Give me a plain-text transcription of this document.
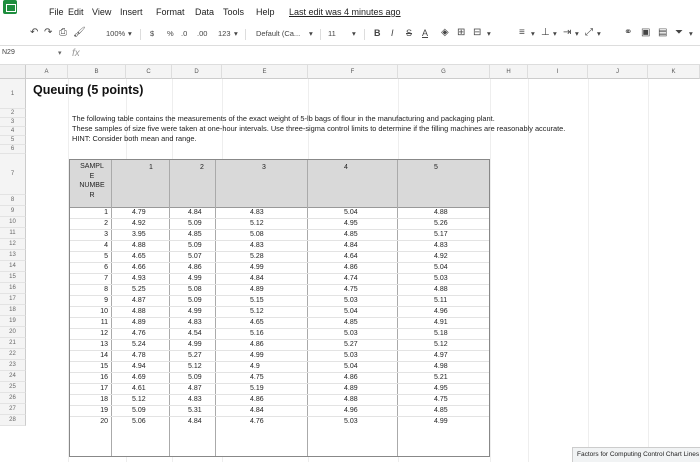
File Edit View Insert Format Data Tools Help Last edit was 4 minutes ago
↶ ↷ ⎙ 🖌	100% ▾ $ % .0 .00 123 ▾ Default (Ca... ▾ 11 ▾ B I S A ◈ ⊞ ⊟ ▾	≡ ▾ ⊥ ▾ ⇥ ▾ ⤢ ▾ ⚭ ▣ ▤ ⏷ ▾
N29	▾ fx
A	B	C	D	E	F	G	H	I	J	K
1
2
3
4
5
6
7
8
9
10
11
12
13
14
15
16
17
18
19
20
21
22
23
24
25
26
27
28
Queuing (5 points)
The following table contains the measurements of the exact weight of 5-lb bags of flour in the manufacturing and packaging plant.
These samples of size five were taken at one-hour intervals. Use three-sigma control limits to determine if the filling machines are reasonably accurate.
HINT: Consider both mean and range.
SAMPL
E
NUMBE
R
1	2	3	4	5
1	4.79	4.84	4.83	5.04	4.88
2	4.92	5.09	5.12	4.95	5.26
3	3.95	4.85	5.08	4.85	5.17
4	4.88	5.09	4.83	4.84	4.83
5	4.65	5.07	5.28	4.64	4.92
6	4.66	4.86	4.99	4.86	5.04
7	4.93	4.99	4.84	4.74	5.03
8	5.25	5.08	4.89	4.75	4.88
9	4.87	5.09	5.15	5.03	5.11
10	4.88	4.99	5.12	5.04	4.96
11	4.89	4.83	4.65	4.85	4.91
12	4.76	4.54	5.16	5.03	5.18
13	5.24	4.99	4.86	5.27	5.12
14	4.78	5.27	4.99	5.03	4.97
15	4.94	5.12	4.9	5.04	4.98
16	4.69	5.09	4.75	4.86	5.21
17	4.61	4.87	5.19	4.89	4.95
18	5.12	4.83	4.86	4.88	4.75
19	5.09	5.31	4.84	4.96	4.85
20	5.06	4.84	4.76	5.03	4.99
Factors for Computing Control Chart Lines
